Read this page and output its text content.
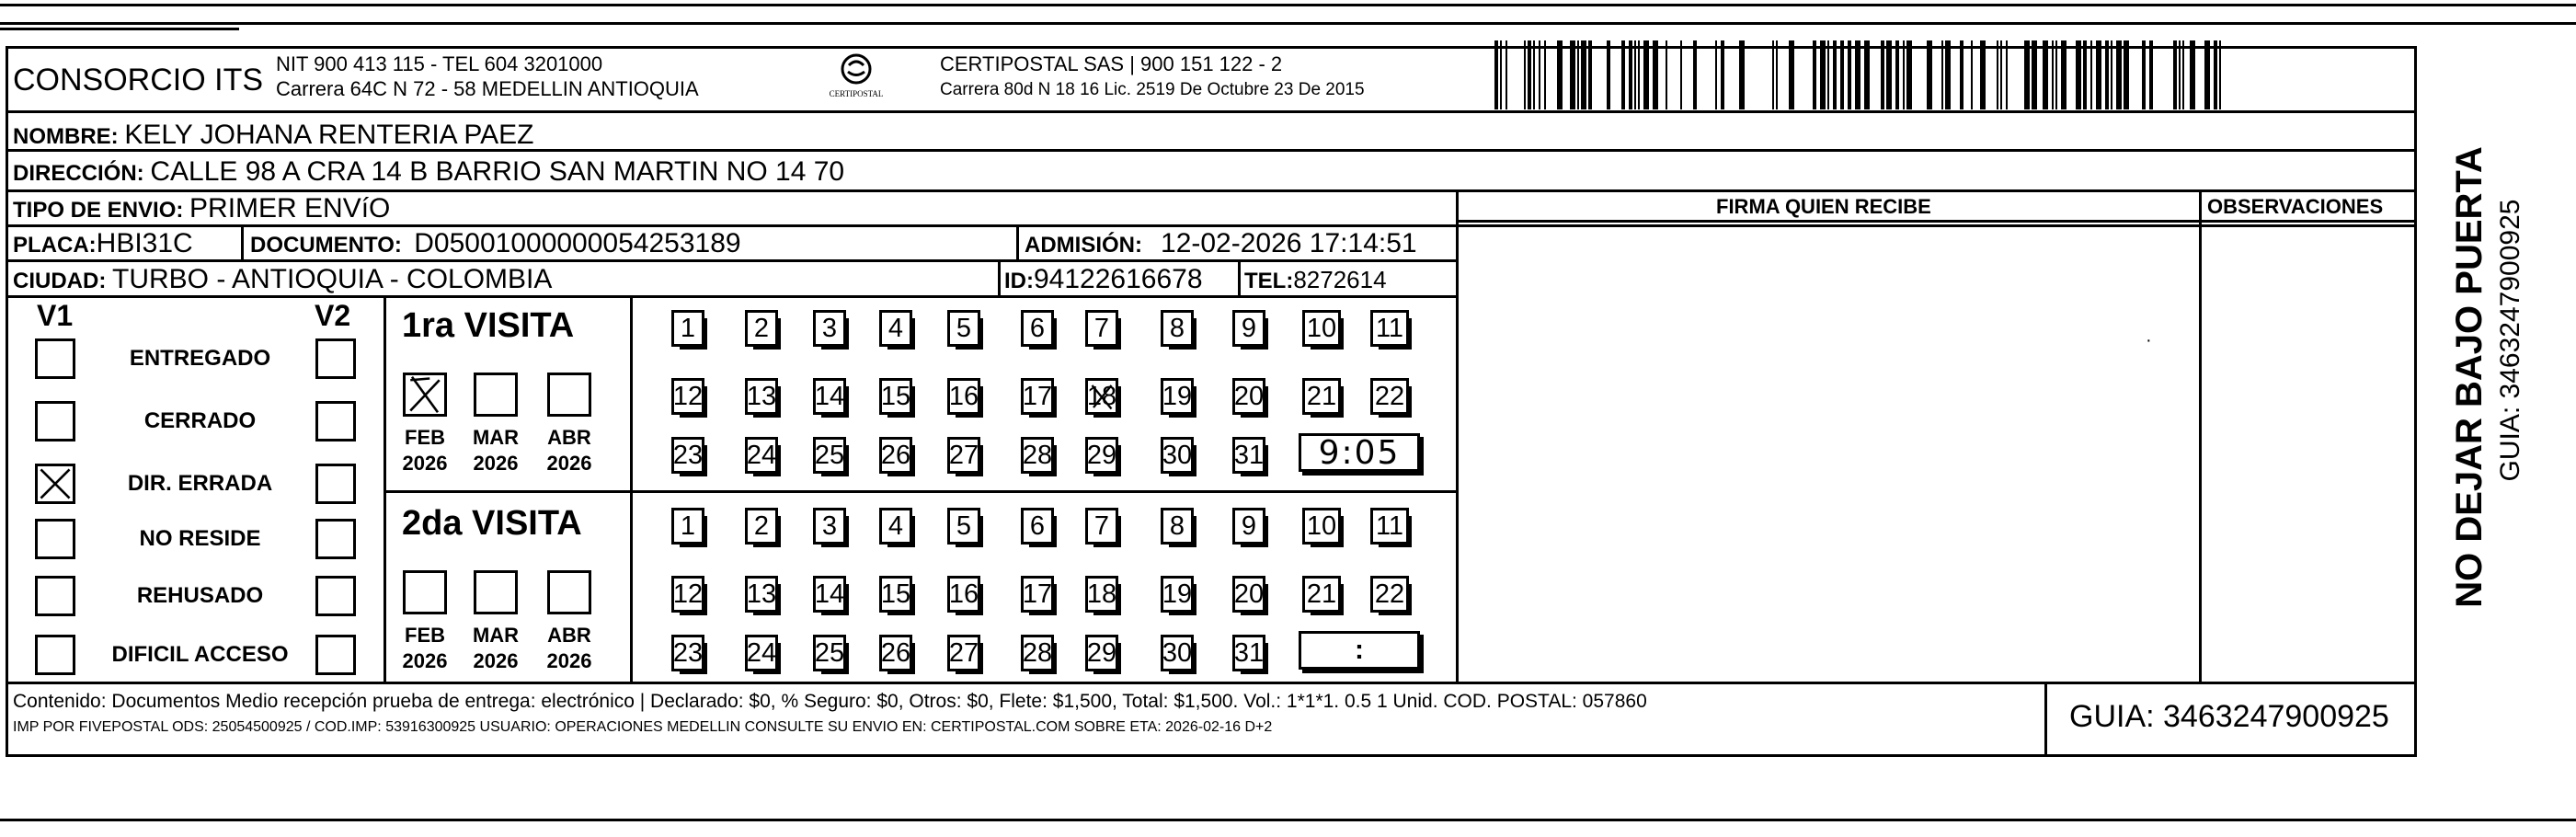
CONSORCIO ITS NIT 900 413 115 - TEL 604 3201000
Carrera 64C N 72 - 58 MEDELLIN ANTIOQUIA	CERTIPOSTAL
CERTIPOSTAL SAS | 900 151 122 - 2
Carrera 80d N 18 16 Lic. 2519 De Octubre 23 De 2015
NOMBRE: KELY JOHANA RENTERIA PAEZ
DIRECCIÓN: CALLE 98 A CRA 14 B BARRIO SAN MARTIN NO 14 70
TIPO DE ENVIO: PRIMER ENVíO
PLACA:HBI31C	DOCUMENTO: D05001000000054253189	ADMISIÓN: 12-02-2026 17:14:51
CIUDAD: TURBO - ANTIOQUIA - COLOMBIA	ID:94122616678 TEL:8272614
FIRMA QUIEN RECIBE	OBSERVACIONES
·
V1	V2
ENTREGADO
CERRADO
DIR. ERRADA
NO RESIDE
REHUSADO
DIFICIL ACCESO
1ra VISITA
FEB
2026
MAR
2026
ABR
2026
1 2 3 4 5 6 7 8 9 10 11
12 13 14 15 16 17 18 19 20 21 22
23 24 25 26 27 28 29 30 31 9:05
2da VISITA
FEB
2026
MAR
2026
ABR
2026
1 2 3 4 5 6 7 8 9 10 11
12 13 14 15 16 17 18 19 20 21 22
23 24 25 26 27 28 29 30 31	:
Contenido: Documentos Medio recepción prueba de entrega: electrónico | Declarado: $0, % Seguro: $0, Otros: $0, Flete: $1,500, Total: $1,500. Vol.: 1*1*1. 0.5 1 Unid. COD. POSTAL: 057860
IMP POR FIVEPOSTAL ODS: 25054500925 / COD.IMP: 53916300925 USUARIO: OPERACIONES MEDELLIN CONSULTE SU ENVIO EN: CERTIPOSTAL.COM SOBRE ETA: 2026-02-16 D+2	GUIA: 3463247900925
NO DEJAR BAJO PUERTA GUIA: 3463247900925
